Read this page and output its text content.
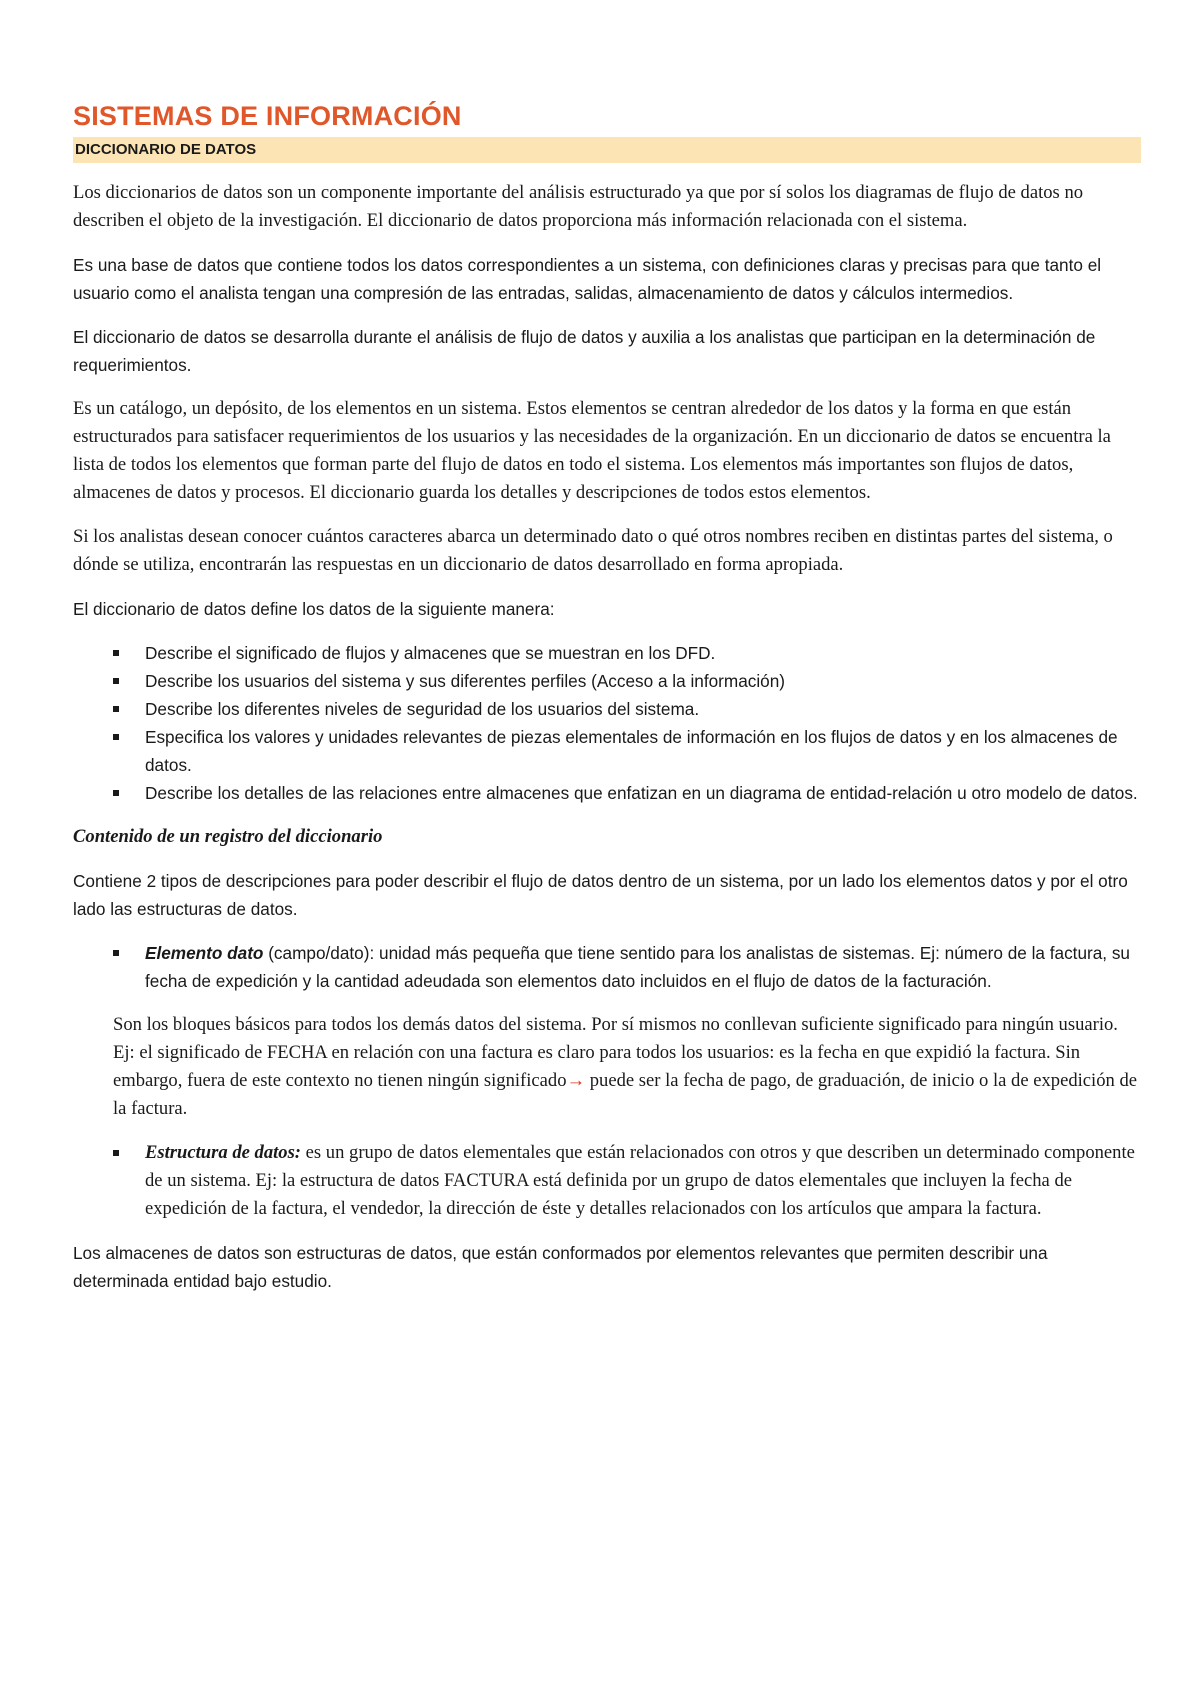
SISTEMAS DE INFORMACIÓN
DICCIONARIO DE DATOS

Los diccionarios de datos son un componente importante del análisis estructurado ya que por sí solos los diagramas de flujo de datos no describen el objeto de la investigación. El diccionario de datos proporciona más información relacionada con el sistema.

Es una base de datos que contiene todos los datos correspondientes a un sistema, con definiciones claras y precisas para que tanto el usuario como el analista tengan una compresión de las entradas, salidas, almacenamiento de datos y cálculos intermedios.

El diccionario de datos se desarrolla durante el análisis de flujo de datos y auxilia a los analistas que participan en la determinación de requerimientos.

Es un catálogo, un depósito, de los elementos en un sistema. Estos elementos se centran alrededor de los datos y la forma en que están estructurados para satisfacer requerimientos de los usuarios y las necesidades de la organización. En un diccionario de datos se encuentra la lista de todos los elementos que forman parte del flujo de datos en todo el sistema. Los elementos más importantes son flujos de datos, almacenes de datos y procesos. El diccionario guarda los detalles y descripciones de todos estos elementos.

Si los analistas desean conocer cuántos caracteres abarca un determinado dato o qué otros nombres reciben en distintas partes del sistema, o dónde se utiliza, encontrarán las respuestas en un diccionario de datos desarrollado en forma apropiada.

El diccionario de datos define los datos de la siguiente manera:

Describe el significado de flujos y almacenes que se muestran en los DFD.
Describe los usuarios del sistema y sus diferentes perfiles (Acceso a la información)
Describe los diferentes niveles de seguridad de los usuarios del sistema.
Especifica los valores y unidades relevantes de piezas elementales de información en los flujos de datos y en los almacenes de datos.
Describe los detalles de las relaciones entre almacenes que enfatizan en un diagrama de entidad-relación u otro modelo de datos.

Contenido de un registro del diccionario

Contiene 2 tipos de descripciones para poder describir el flujo de datos dentro de un sistema, por un lado los elementos datos y por el otro lado las estructuras de datos.

Elemento dato (campo/dato): unidad más pequeña que tiene sentido para los analistas de sistemas. Ej: número de la factura, su fecha de expedición y la cantidad adeudada son elementos dato incluidos en el flujo de datos de la facturación.

Son los bloques básicos para todos los demás datos del sistema. Por sí mismos no conllevan suficiente significado para ningún usuario. Ej: el significado de FECHA en relación con una factura es claro para todos los usuarios: es la fecha en que expidió la factura. Sin embargo, fuera de este contexto no tienen ningún significado→ puede ser la fecha de pago, de graduación, de inicio o la de expedición de la factura.

Estructura de datos: es un grupo de datos elementales que están relacionados con otros y que describen un determinado componente de un sistema. Ej: la estructura de datos FACTURA está definida por un grupo de datos elementales que incluyen la fecha de expedición de la factura, el vendedor, la dirección de éste y detalles relacionados con los artículos que ampara la factura.

Los almacenes de datos son estructuras de datos, que están conformados por elementos relevantes que permiten describir una determinada entidad bajo estudio.
